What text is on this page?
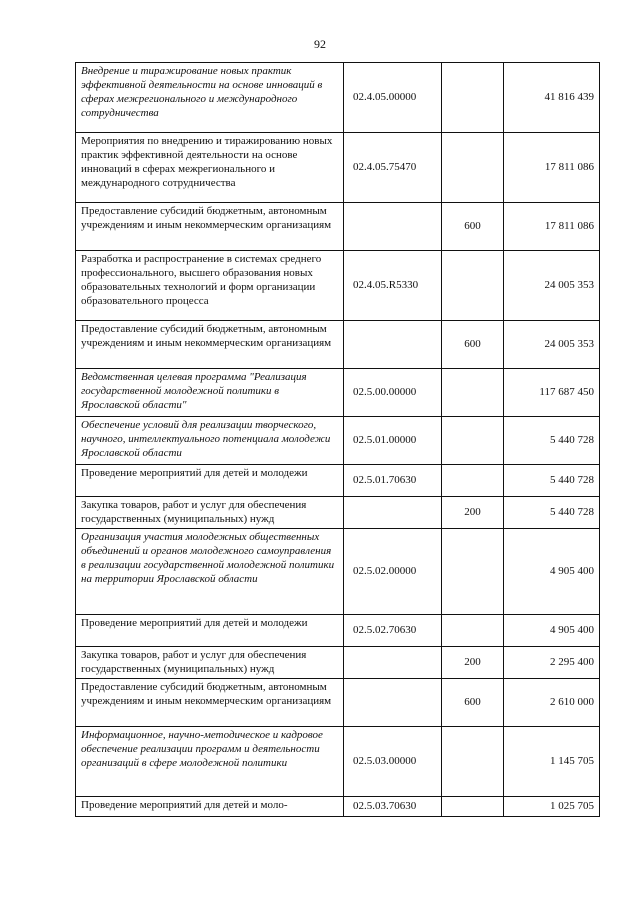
92
Внедрение и тиражирование новых практик эффективной деятельности на основе инноваций в сферах межрегионального и международного сотрудничества	02.4.05.00000		41 816 439
Мероприятия по внедрению и тиражированию новых практик эффективной деятельности на основе инноваций в сферах межрегионального и международного сотрудничества	02.4.05.75470		17 811 086
Предоставление субсидий бюджетным, автономным учреждениям и иным некоммерческим организациям		600	17 811 086
Разработка и распространение в системах среднего профессионального, высшего образования новых образовательных технологий и форм организации образовательного процесса	02.4.05.R5330		24 005 353
Предоставление субсидий бюджетным, автономным учреждениям и иным некоммерческим организациям		600	24 005 353
Ведомственная целевая программа "Реализация государственной молодежной политики в Ярославской области"	02.5.00.00000		117 687 450
Обеспечение условий для реализации творческого, научного, интеллектуального потенциала молодежи Ярославской области	02.5.01.00000		5 440 728
Проведение мероприятий для детей и молодежи	02.5.01.70630		5 440 728
Закупка товаров, работ и услуг для обеспечения государственных (муниципальных) нужд		200	5 440 728
Организация участия молодежных общественных объединений и органов молодежного самоуправления в реализации государственной молодежной политики на территории Ярославской области	02.5.02.00000		4 905 400
Проведение мероприятий для детей и молодежи	02.5.02.70630		4 905 400
Закупка товаров, работ и услуг для обеспечения государственных (муниципальных) нужд		200	2 295 400
Предоставление субсидий бюджетным, автономным учреждениям и иным некоммерческим организациям		600	2 610 000
Информационное, научно-методическое и кадровое обеспечение реализации программ и деятельности организаций в сфере молодежной политики	02.5.03.00000		1 145 705
Проведение мероприятий для детей и моло-	02.5.03.70630		1 025 705
